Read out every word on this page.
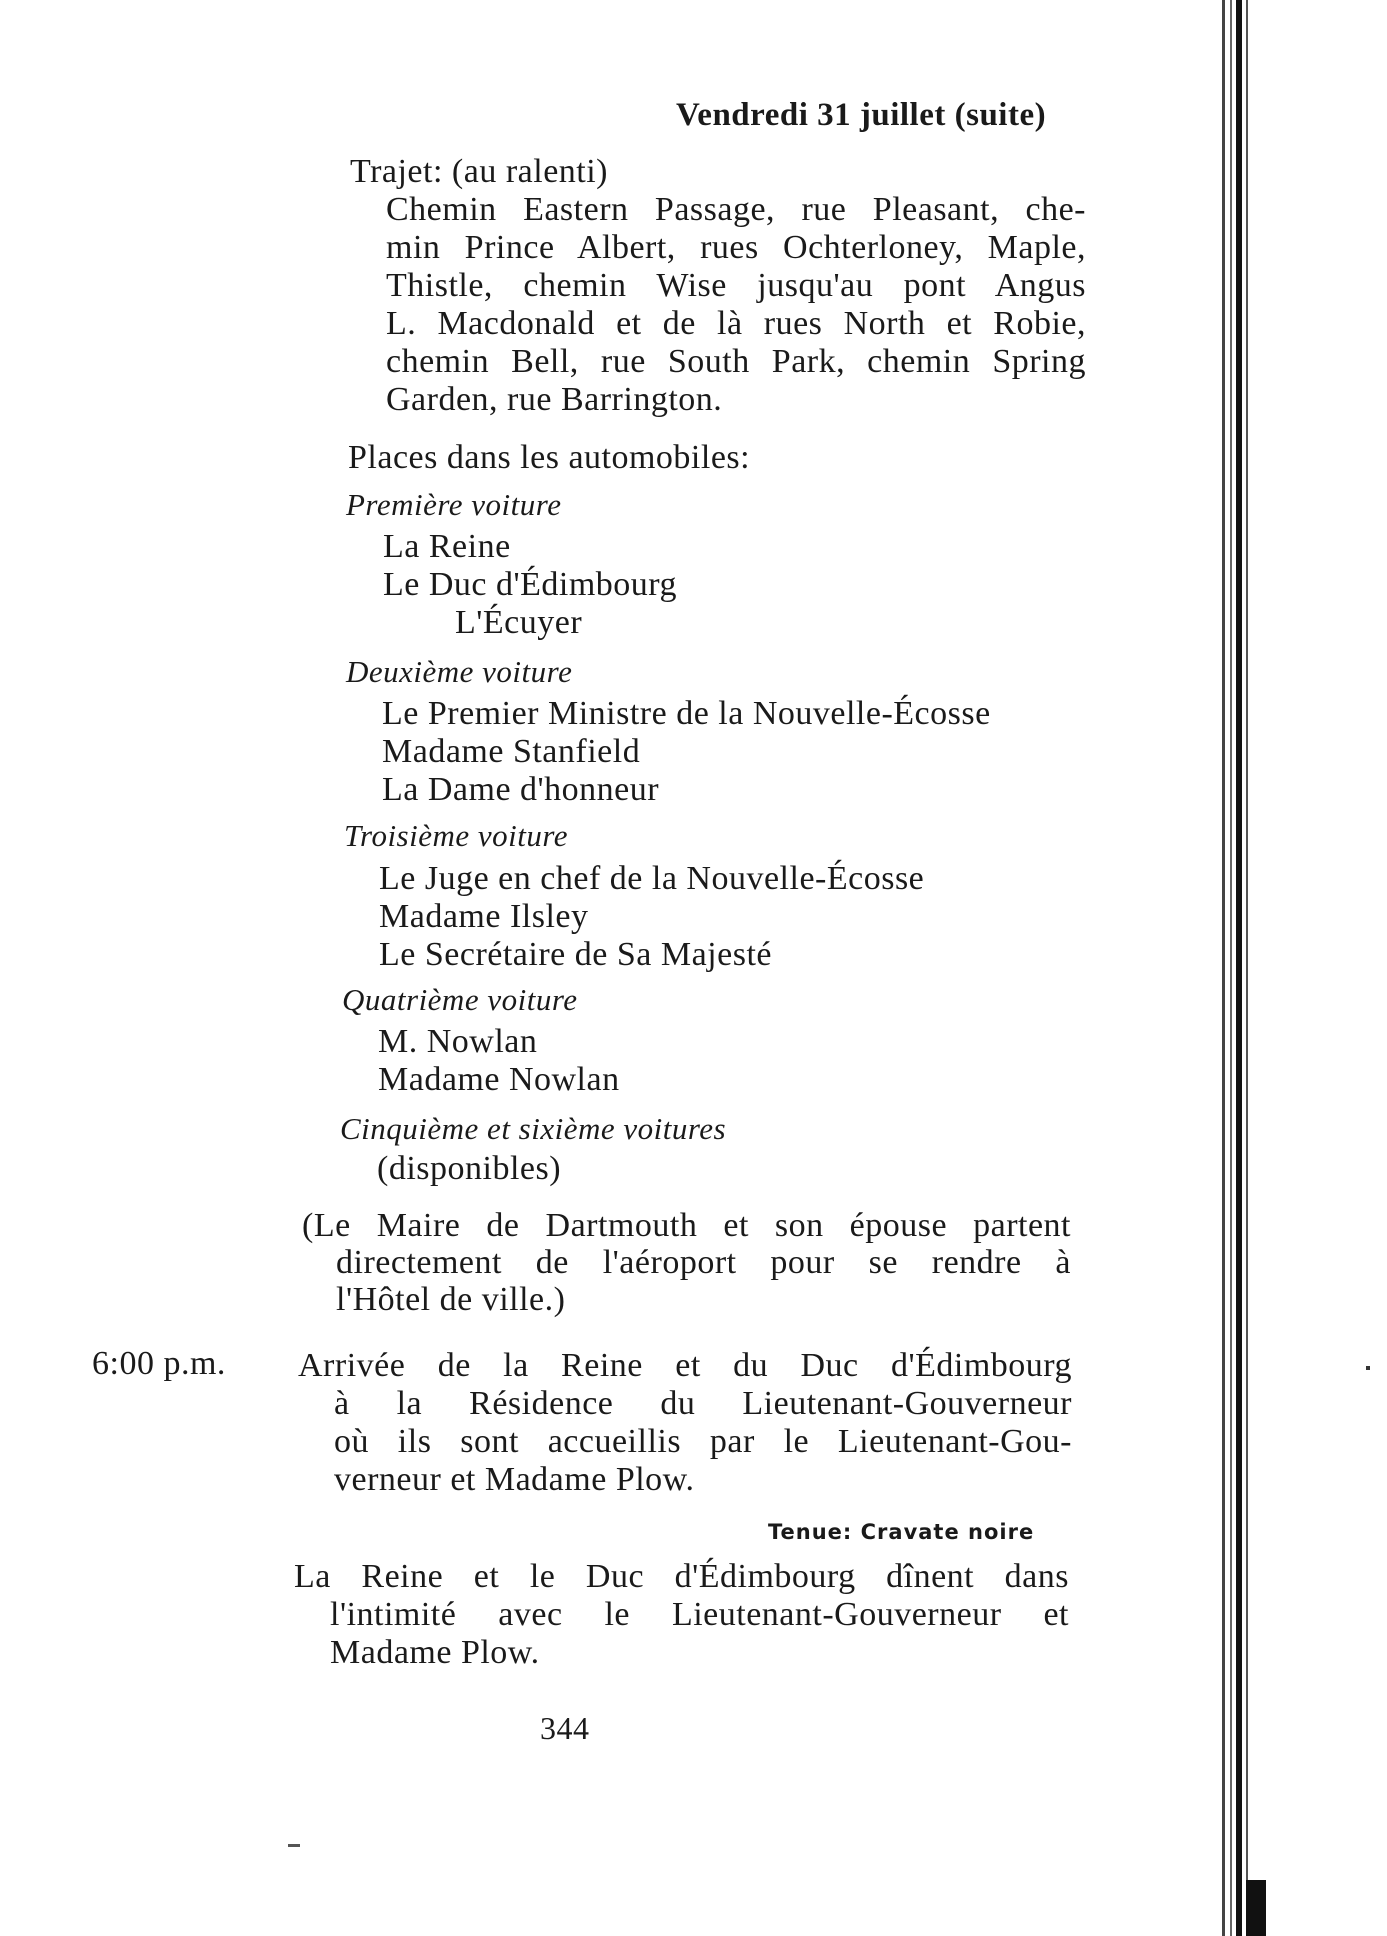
Vendredi 31 juillet (suite)
Trajet: (au ralenti)
Chemin Eastern Passage, rue Pleasant, che-
min Prince Albert, rues Ochterloney, Maple,
Thistle, chemin Wise jusqu'au pont Angus
L. Macdonald et de là rues North et Robie,
chemin Bell, rue South Park, chemin Spring
Garden, rue Barrington.
Places dans les automobiles:
Première voiture
La Reine
Le Duc d'Édimbourg
L'Écuyer
Deuxième voiture
Le Premier Ministre de la Nouvelle-Écosse
Madame Stanfield
La Dame d'honneur
Troisième voiture
Le Juge en chef de la Nouvelle-Écosse
Madame Ilsley
Le Secrétaire de Sa Majesté
Quatrième voiture
M. Nowlan
Madame Nowlan
Cinquième et sixième voitures
(disponibles)
(Le Maire de Dartmouth et son épouse partent
directement de l'aéroport pour se rendre à
l'Hôtel de ville.)
6:00 p.m. Arrivée de la Reine et du Duc d'Édimbourg
à la Résidence du Lieutenant-Gouverneur
où ils sont accueillis par le Lieutenant-Gou-
verneur et Madame Plow.
Tenue: Cravate noire
La Reine et le Duc d'Édimbourg dînent dans
l'intimité avec le Lieutenant-Gouverneur et
Madame Plow.
344
